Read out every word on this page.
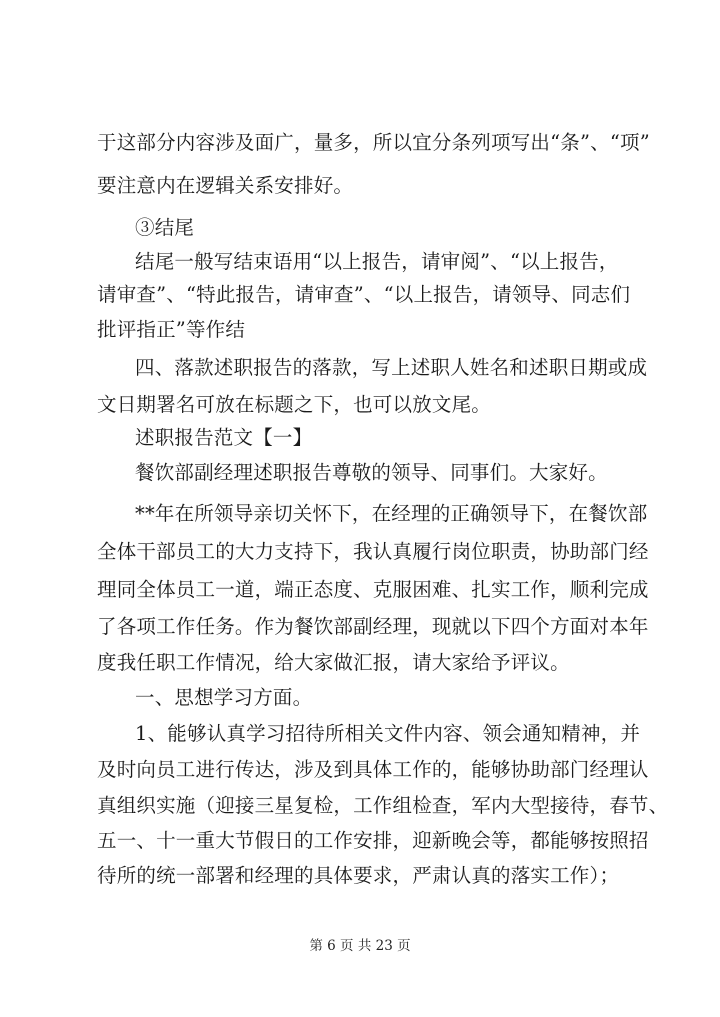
于这部分内容涉及面广，量多，所以宜分条列项写出“条”、“项”
要注意内在逻辑关系安排好。
③结尾
结尾一般写结束语用“以上报告，请审阅”、“以上报告，
请审查”、“特此报告，请审查”、“以上报告，请领导、同志们
批评指正”等作结
四、落款述职报告的落款，写上述职人姓名和述职日期或成
文日期署名可放在标题之下，也可以放文尾。
述职报告范文【一】
餐饮部副经理述职报告尊敬的领导、同事们。大家好。
**年在所领导亲切关怀下，在经理的正确领导下，在餐饮部
全体干部员工的大力支持下，我认真履行岗位职责，协助部门经
理同全体员工一道，端正态度、克服困难、扎实工作，顺利完成
了各项工作任务。作为餐饮部副经理，现就以下四个方面对本年
度我任职工作情况，给大家做汇报，请大家给予评议。
一、思想学习方面。
1、能够认真学习招待所相关文件内容、领会通知精神，并
及时向员工进行传达，涉及到具体工作的，能够协助部门经理认
真组织实施（迎接三星复检，工作组检查，军内大型接待，春节、
五一、十一重大节假日的工作安排，迎新晚会等，都能够按照招
待所的统一部署和经理的具体要求，严肃认真的落实工作）；
第 6 页 共 23 页
